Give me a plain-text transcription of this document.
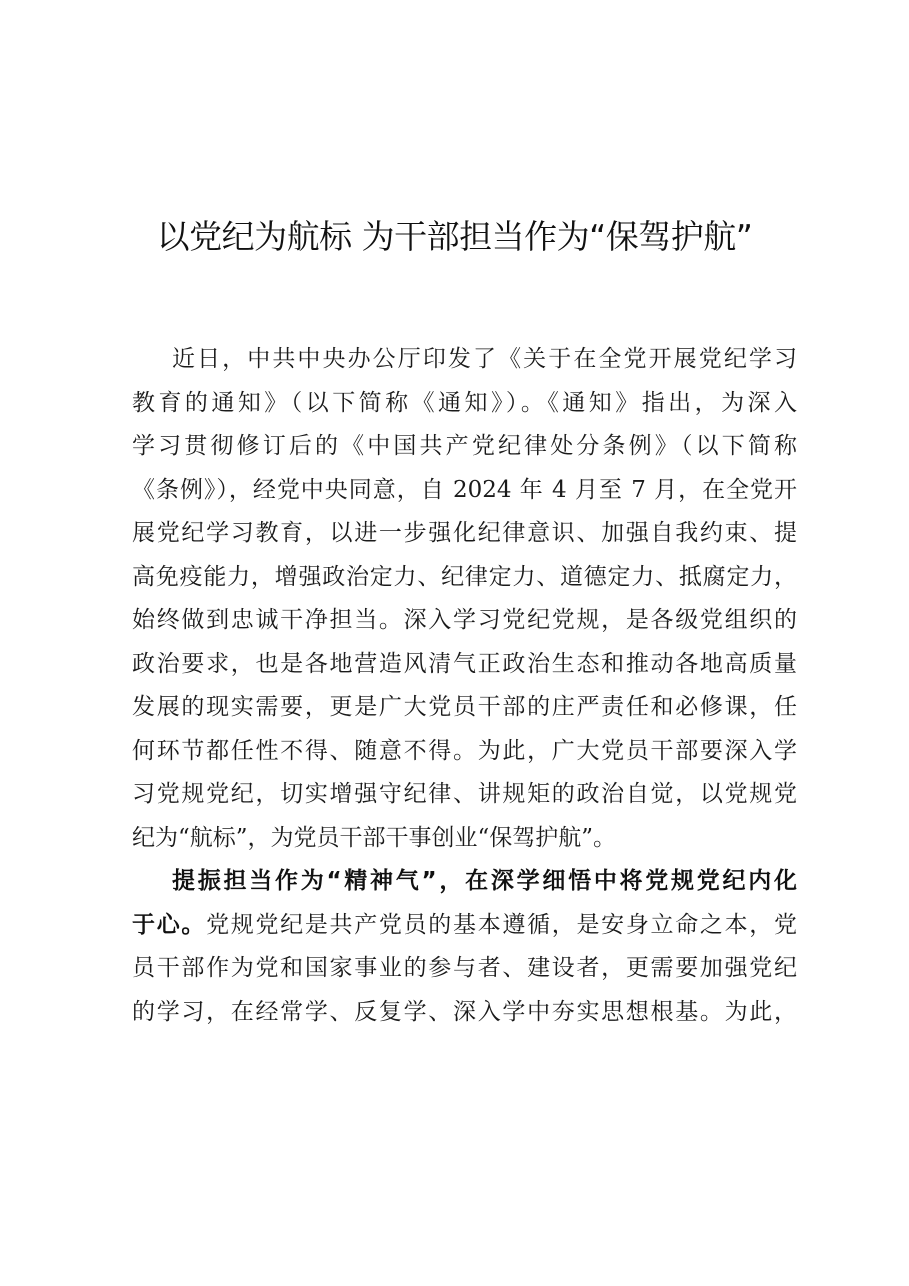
以党纪为航标 为干部担当作为“保驾护航”
近日，中共中央办公厅印发了《关于在全党开展党纪学习
教育的通知》（以下简称《通知》）。《通知》指出，为深入
学习贯彻修订后的《中国共产党纪律处分条例》（以下简称
《条例》），经党中央同意，自 2024 年 4 月至 7 月，在全党开
展党纪学习教育，以进一步强化纪律意识、加强自我约束、提
高免疫能力，增强政治定力、纪律定力、道德定力、抵腐定力，
始终做到忠诚干净担当。深入学习党纪党规，是各级党组织的
政治要求，也是各地营造风清气正政治生态和推动各地高质量
发展的现实需要，更是广大党员干部的庄严责任和必修课，任
何环节都任性不得、随意不得。为此，广大党员干部要深入学
习党规党纪，切实增强守纪律、讲规矩的政治自觉，以党规党
纪为“航标”，为党员干部干事创业“保驾护航”。
提振担当作为“精神气”，在深学细悟中将党规党纪内化
于心。党规党纪是共产党员的基本遵循，是安身立命之本，党
员干部作为党和国家事业的参与者、建设者，更需要加强党纪
的学习，在经常学、反复学、深入学中夯实思想根基。为此，
